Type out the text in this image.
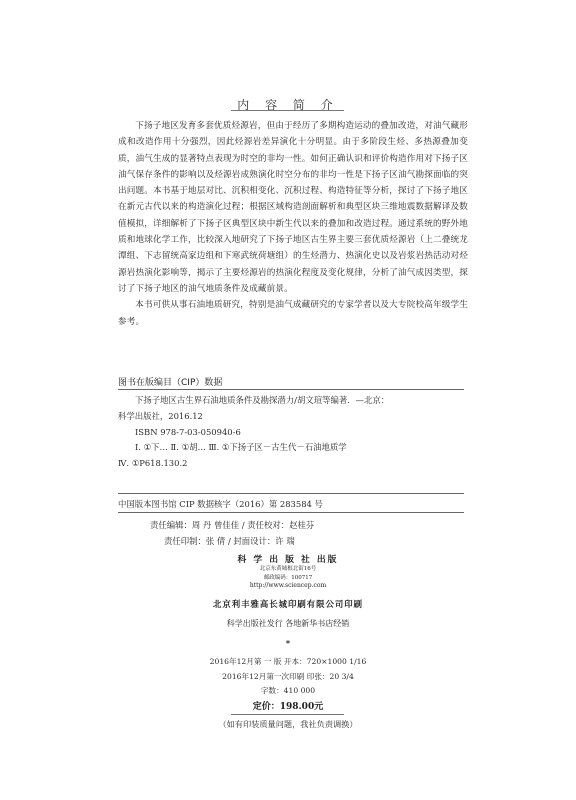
内 容 简 介

下扬子地区发育多套优质烃源岩，但由于经历了多期构造运动的叠加改造，对油气藏形成和改造作用十分强烈，因此烃源岩差异演化十分明显。由于多阶段生烃、多热源叠加变质，油气生成的显著特点表现为时空的非均一性。如何正确认识和评价构造作用对下扬子区油气保存条件的影响以及烃源岩成熟演化时空分布的非均一性是下扬子区油气勘探面临的突出问题。本书基于地层对比、沉积相变化、沉积过程、构造特征等分析，探讨了下扬子地区在新元古代以来的构造演化过程；根据区域构造剖面解析和典型区块三维地震数据解译及数值模拟，详细解析了下扬子区典型区块中新生代以来的叠加和改造过程。通过系统的野外地质和地球化学工作，比较深入地研究了下扬子地区古生界主要三套优质烃源岩（上二叠统龙潭组、下志留统高家边组和下寒武统荷塘组）的生烃潜力、热演化史以及岩浆岩热活动对烃源岩热演化影响等，揭示了主要烃源岩的热演化程度及变化规律，分析了油气成因类型，探讨了下扬子地区的油气地质条件及成藏前景。

本书可供从事石油地质研究，特别是油气成藏研究的专家学者以及大专院校高年级学生参考。

图书在版编目（CIP）数据
下扬子地区古生界石油地质条件及勘探潜力/胡文瑄等编著．—北京：
科学出版社，2016.12
ISBN 978-7-03-050940-6
Ⅰ. ①下… Ⅱ. ①胡… Ⅲ. ①下扬子区－古生代－石油地质学
Ⅳ. ①P618.130.2
中国版本图书馆 CIP 数据核字（2016）第 283584 号
责任编辑：周 丹 曾佳佳 / 责任校对：赵桂芬
责任印制：张 倩 / 封面设计：许 瑞
科 学 出 版 社 出版
北京东黄城根北街16号
邮政编码：100717
http://www.sciencep.com
北京利丰雅高长城印刷有限公司印刷
科学出版社发行 各地新华书店经销
*
2016年12月第 一 版 开本：720×1000 1/16
2016年12月第一次印刷 印张：20 3/4
字数：410 000
定价：198.00元
（如有印装质量问题，我社负责调换）
